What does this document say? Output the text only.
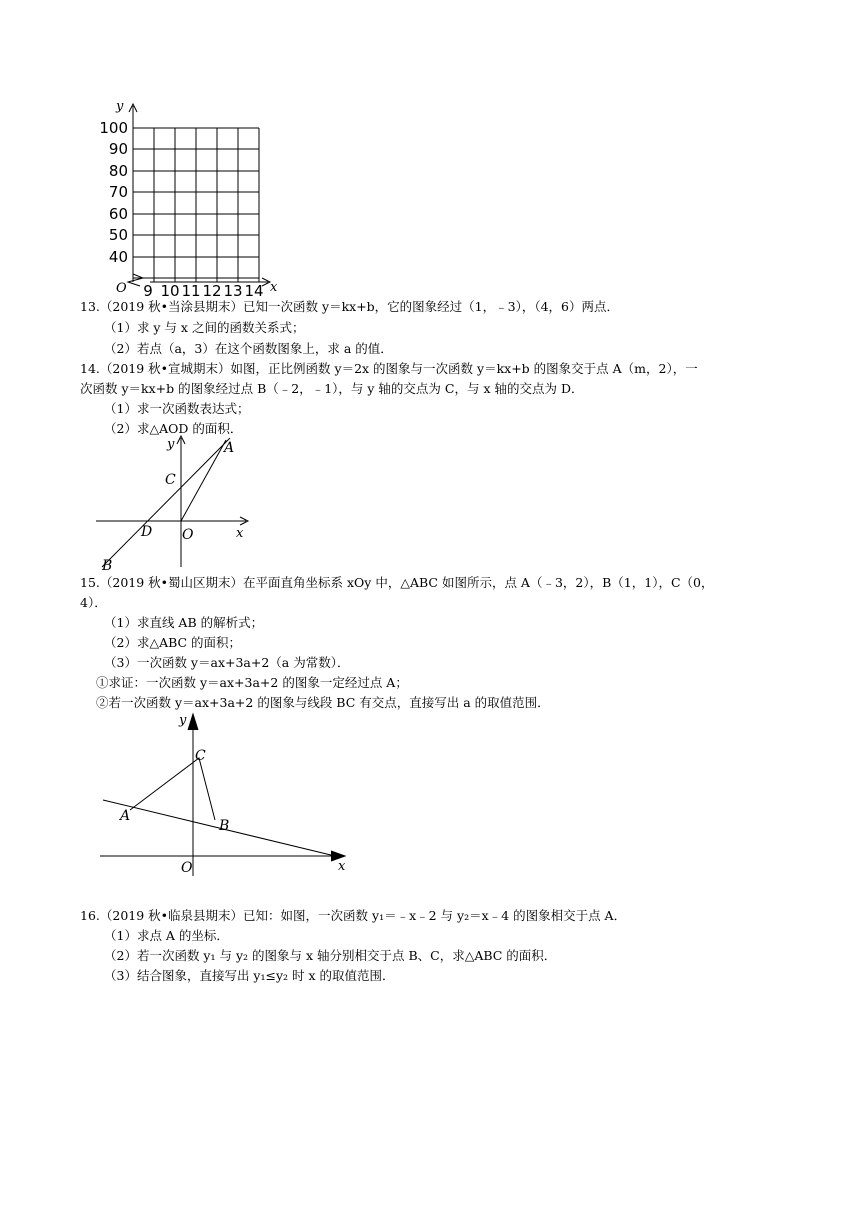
y
x
O
100
90
80
70
60
50
40
9 10 11 12 13 14
13.（2019 秋•当涂县期末）已知一次函数 y＝kx+b，它的图象经过（1，﹣3），（4，6）两点．
（1）求 y 与 x 之间的函数关系式；
（2）若点（a，3）在这个函数图象上，求 a 的值．
14.（2019 秋•宣城期末）如图，正比例函数 y＝2x 的图象与一次函数 y＝kx+b 的图象交于点 A（m，2），一
次函数 y＝kx+b 的图象经过点 B（﹣2，﹣1），与 y 轴的交点为 C，与 x 轴的交点为 D．
（1）求一次函数表达式；
（2）求△AOD 的面积．
y
x
A
C
D O
B
15.（2019 秋•蜀山区期末）在平面直角坐标系 xOy 中，△ABC 如图所示，点 A（﹣3，2），B（1，1），C（0，
4）．
（1）求直线 AB 的解析式；
（2）求△ABC 的面积；
（3）一次函数 y＝ax+3a+2（a 为常数）．
①求证：一次函数 y＝ax+3a+2 的图象一定经过点 A；
②若一次函数 y＝ax+3a+2 的图象与线段 BC 有交点，直接写出 a 的取值范围．
y
x
C
A
B
O
16.（2019 秋•临泉县期末）已知：如图，一次函数 y₁＝﹣x﹣2 与 y₂＝x﹣4 的图象相交于点 A．
（1）求点 A 的坐标．
（2）若一次函数 y₁ 与 y₂ 的图象与 x 轴分别相交于点 B、C，求△ABC 的面积．
（3）结合图象，直接写出 y₁≤y₂ 时 x 的取值范围．
